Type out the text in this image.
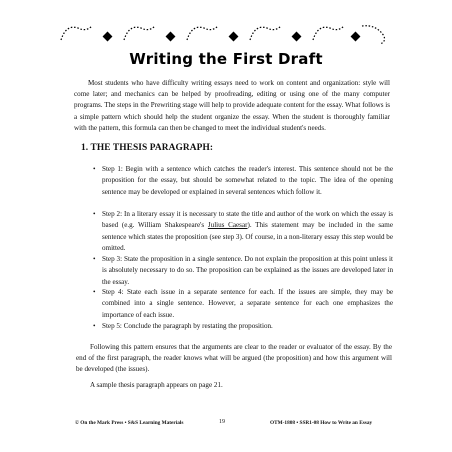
Writing the First Draft
Most students who have difficulty writing essays need to work on content and organization: style will come later; and mechanics can be helped by proofreading, editing or using one of the many computer programs. The steps in the Prewriting stage will help to provide adequate content for the essay. What follows is a simple pattern which should help the student organize the essay. When the student is thoroughly familiar with the pattern, this formula can then be changed to meet the individual student's needs.
1. THE THESIS PARAGRAPH:
• Step 1: Begin with a sentence which catches the reader's interest. This sentence should not be the proposition for the essay, but should be somewhat related to the topic. The idea of the opening sentence may be developed or explained in several sentences which follow it.
• Step 2: In a literary essay it is necessary to state the title and author of the work on which the essay is based (e.g. William Shakespeare's Julius Caesar). This statement may be included in the same sentence which states the proposition (see step 3). Of course, in a non-literary essay this step would be omitted.
• Step 3: State the proposition in a single sentence. Do not explain the proposition at this point unless it is absolutely necessary to do so. The proposition can be explained as the issues are developed later in the essay.
• Step 4: State each issue in a separate sentence for each. If the issues are simple, they may be combined into a single sentence. However, a separate sentence for each one emphasizes the importance of each issue.
• Step 5: Conclude the paragraph by restating the proposition.
Following this pattern ensures that the arguments are clear to the reader or evaluator of the essay. By the end of the first paragraph, the reader knows what will be argued (the proposition) and how this argument will be developed (the issues).
A sample thesis paragraph appears on page 21.
© On the Mark Press • S&S Learning Materials	19	OTM-1808 • SSR1-08 How to Write an Essay
